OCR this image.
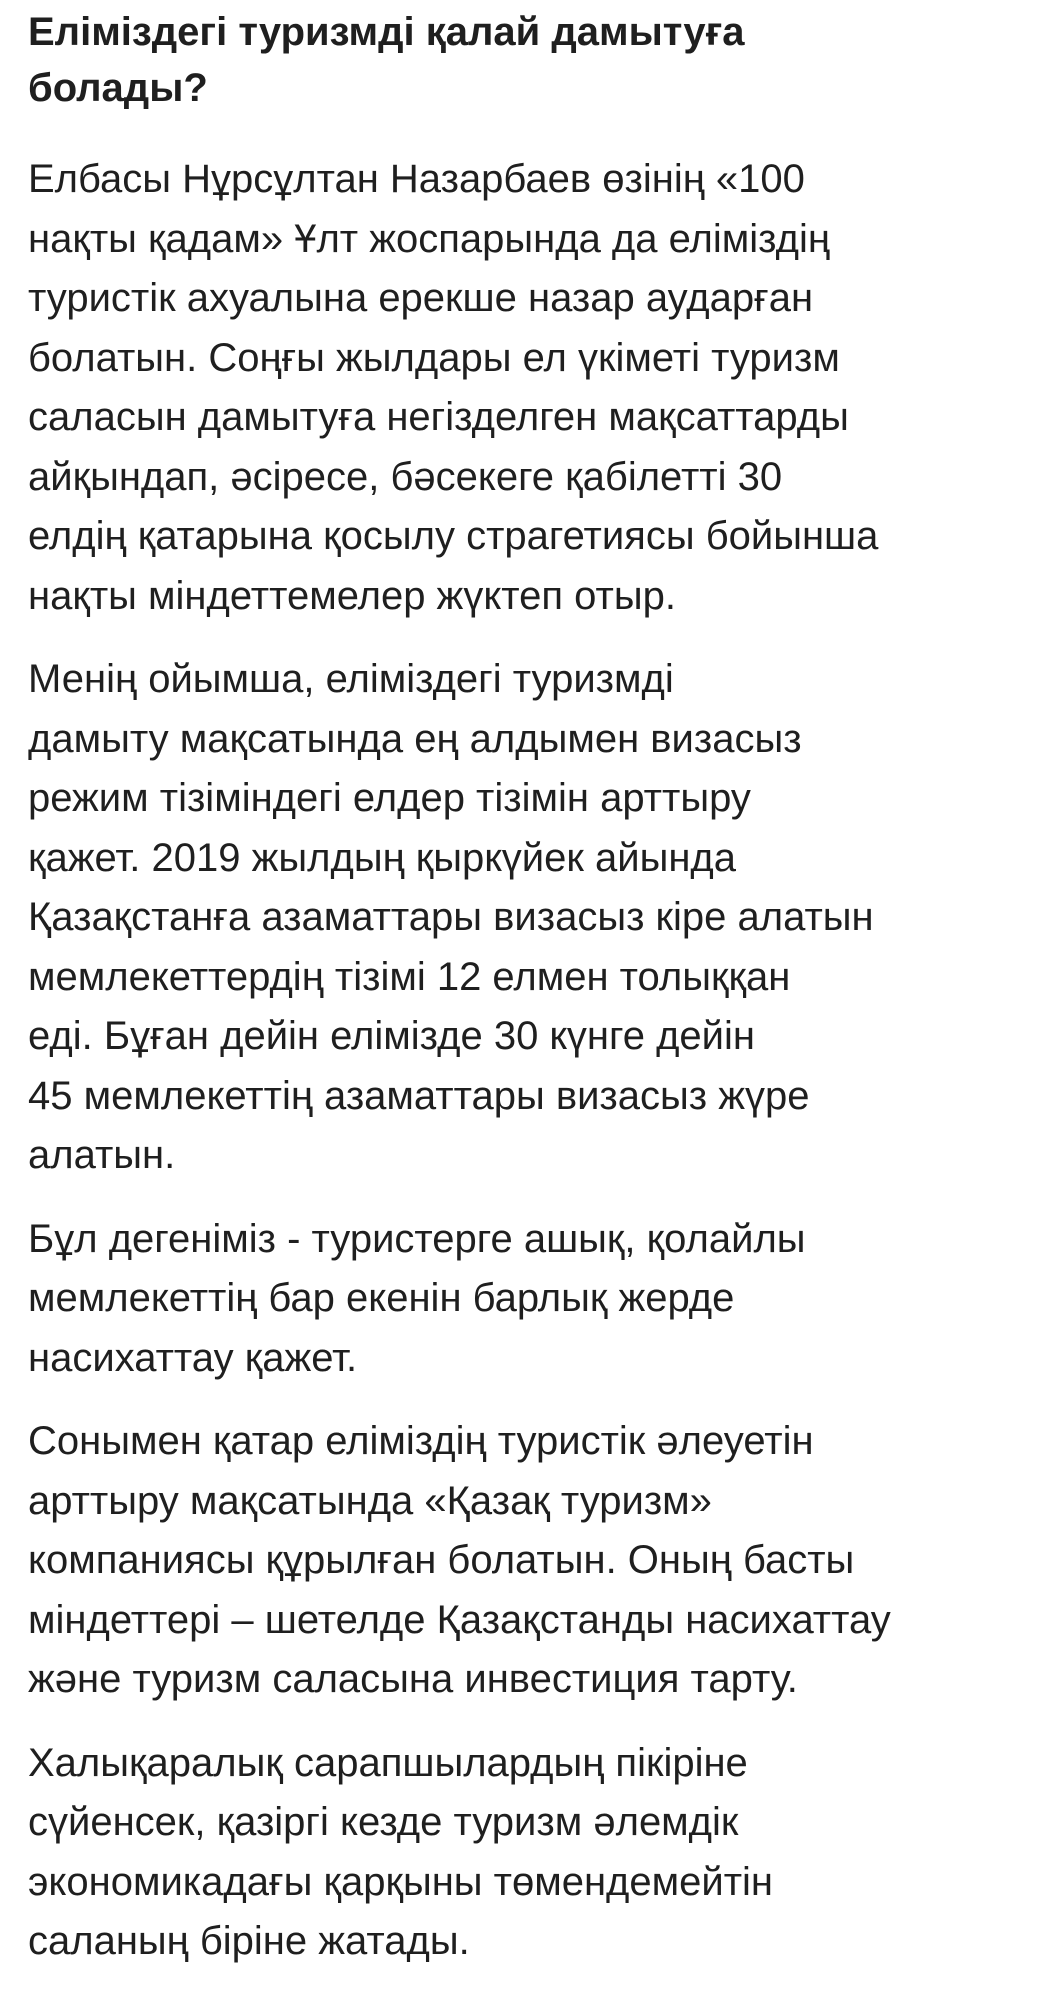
Еліміздегі туризмді қалай дамытуға
болады?

Елбасы Нұрсұлтан Назарбаев өзінің «100
нақты қадам» Ұлт жоспарында да еліміздің
туристік ахуалына ерекше назар аударған
болатын. Соңғы жылдары ел үкіметі туризм
саласын дамытуға негізделген мақсаттарды
айқындап, әсіресе, бәсекеге қабілетті 30
елдің қатарына қосылу страгетиясы бойынша
нақты міндеттемелер жүктеп отыр.

Менің ойымша, еліміздегі туризмді
дамыту мақсатында ең алдымен визасыз
режим тізіміндегі елдер тізімін арттыру
қажет. 2019 жылдың қыркүйек айында
Қазақстанға азаматтары визасыз кіре алатын
мемлекеттердің тізімі 12 елмен толыққан
еді. Бұған дейін елімізде 30 күнге дейін
45 мемлекеттің азаматтары визасыз жүре
алатын.

Бұл дегеніміз - туристерге ашық, қолайлы
мемлекеттің бар екенін барлық жерде
насихаттау қажет.

Сонымен қатар еліміздің туристік әлеуетін
арттыру мақсатында «Қазақ туризм»
компаниясы құрылған болатын. Оның басты
міндеттері – шетелде Қазақстанды насихаттау
және туризм саласына инвестиция тарту.

Халықаралық сарапшылардың пікіріне
сүйенсек, қазіргі кезде туризм әлемдік
экономикадағы қарқыны төмендемейтін
саланың біріне жатады.
